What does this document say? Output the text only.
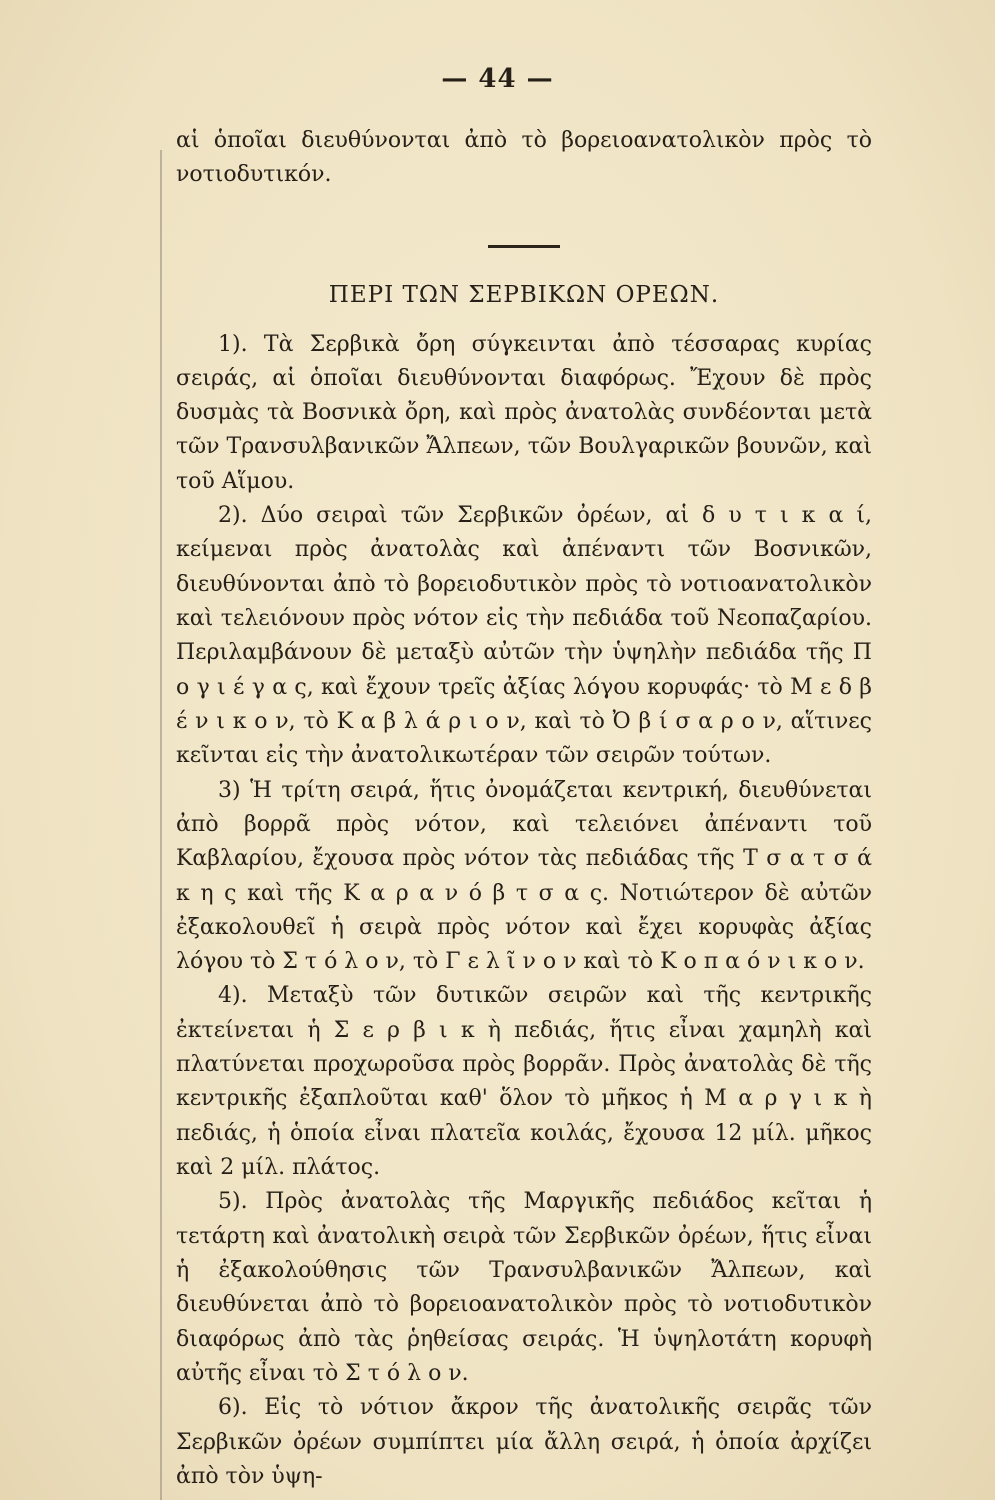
— 44 —

αἱ ὁποῖαι διευθύνονται ἀπὸ τὸ βορειοανατολικὸν πρὸς τὸ νοτιοδυτικόν.

ΠΕΡΙ ΤΩΝ ΣΕΡΒΙΚΩΝ ΟΡΕΩΝ.

1). Τὰ Σερβικὰ ὄρη σύγκεινται ἀπὸ τέσσαρας κυρίας σειράς, αἱ ὁποῖαι διευθύνονται διαφόρως. Ἔχουν δὲ πρὸς δυσμὰς τὰ Βοσνικὰ ὄρη, καὶ πρὸς ἀνατολὰς συνδέονται μετὰ τῶν Τρανσυλβανικῶν Ἄλπεων, τῶν Βουλγαρικῶν βουνῶν, καὶ τοῦ Αἵμου.

2). Δύο σειραὶ τῶν Σερβικῶν ὀρέων, αἱ δ υ τ ι κ α ί, κείμεναι πρὸς ἀνατολὰς καὶ ἀπέναντι τῶν Βοσνικῶν, διευθύνονται ἀπὸ τὸ βορειοδυτικὸν πρὸς τὸ νοτιοανατολικὸν καὶ τελειόνουν πρὸς νότον εἰς τὴν πεδιάδα τοῦ Νεοπαζαρίου. Περιλαμβάνουν δὲ μεταξὺ αὐτῶν τὴν ὑψηλὴν πεδιάδα τῆς Π ο γ ι έ γ α ς, καὶ ἔχουν τρεῖς ἀξίας λόγου κορυφάς· τὸ Μ ε δ β έ ν ι κ ο ν, τὸ Κ α β λ ά ρ ι ο ν, καὶ τὸ Ὀ β ί σ α ρ ο ν, αἵτινες κεῖνται εἰς τὴν ἀνατολικωτέραν τῶν σειρῶν τούτων.

3) Ἡ τρίτη σειρά, ἥτις ὀνομάζεται κεντρική, διευθύνεται ἀπὸ βορρᾶ πρὸς νότον, καὶ τελειόνει ἀπέναντι τοῦ Καβλαρίου, ἔχουσα πρὸς νότον τὰς πεδιάδας τῆς Τ σ α τ σ ά κ η ς καὶ τῆς Κ α ρ α ν ό β τ σ α ς. Νοτιώτερον δὲ αὐτῶν ἐξακολουθεῖ ἡ σειρὰ πρὸς νότον καὶ ἔχει κορυφὰς ἀξίας λόγου τὸ Σ τ ό λ ο ν, τὸ Γ ε λ ῖ ν ο ν καὶ τὸ Κ ο π α ό ν ι κ ο ν.

4). Μεταξὺ τῶν δυτικῶν σειρῶν καὶ τῆς κεντρικῆς ἐκτείνεται ἡ Σ ε ρ β ι κ ὴ πεδιάς, ἥτις εἶναι χαμηλὴ καὶ πλατύνεται προχωροῦσα πρὸς βορρᾶν. Πρὸς ἀνατολὰς δὲ τῆς κεντρικῆς ἐξαπλοῦται καθ' ὅλον τὸ μῆκος ἡ Μ α ρ γ ι κ ὴ πεδιάς, ἡ ὁποία εἶναι πλατεῖα κοιλάς, ἔχουσα 12 μίλ. μῆκος καὶ 2 μίλ. πλάτος.

5). Πρὸς ἀνατολὰς τῆς Μαργικῆς πεδιάδος κεῖται ἡ τετάρτη καὶ ἀνατολικὴ σειρὰ τῶν Σερβικῶν ὀρέων, ἥτις εἶναι ἡ ἐξακολούθησις τῶν Τρανσυλβανικῶν Ἄλπεων, καὶ διευθύνεται ἀπὸ τὸ βορειοανατολικὸν πρὸς τὸ νοτιοδυτικὸν διαφόρως ἀπὸ τὰς ῥηθείσας σειράς. Ἡ ὑψηλοτάτη κορυφὴ αὐτῆς εἶναι τὸ Σ τ ό λ ο ν.

6). Εἰς τὸ νότιον ἄκρον τῆς ἀνατολικῆς σειρᾶς τῶν Σερβικῶν ὀρέων συμπίπτει μία ἄλλη σειρά, ἡ ὁποία ἀρχίζει ἀπὸ τὸν ὑψη-
